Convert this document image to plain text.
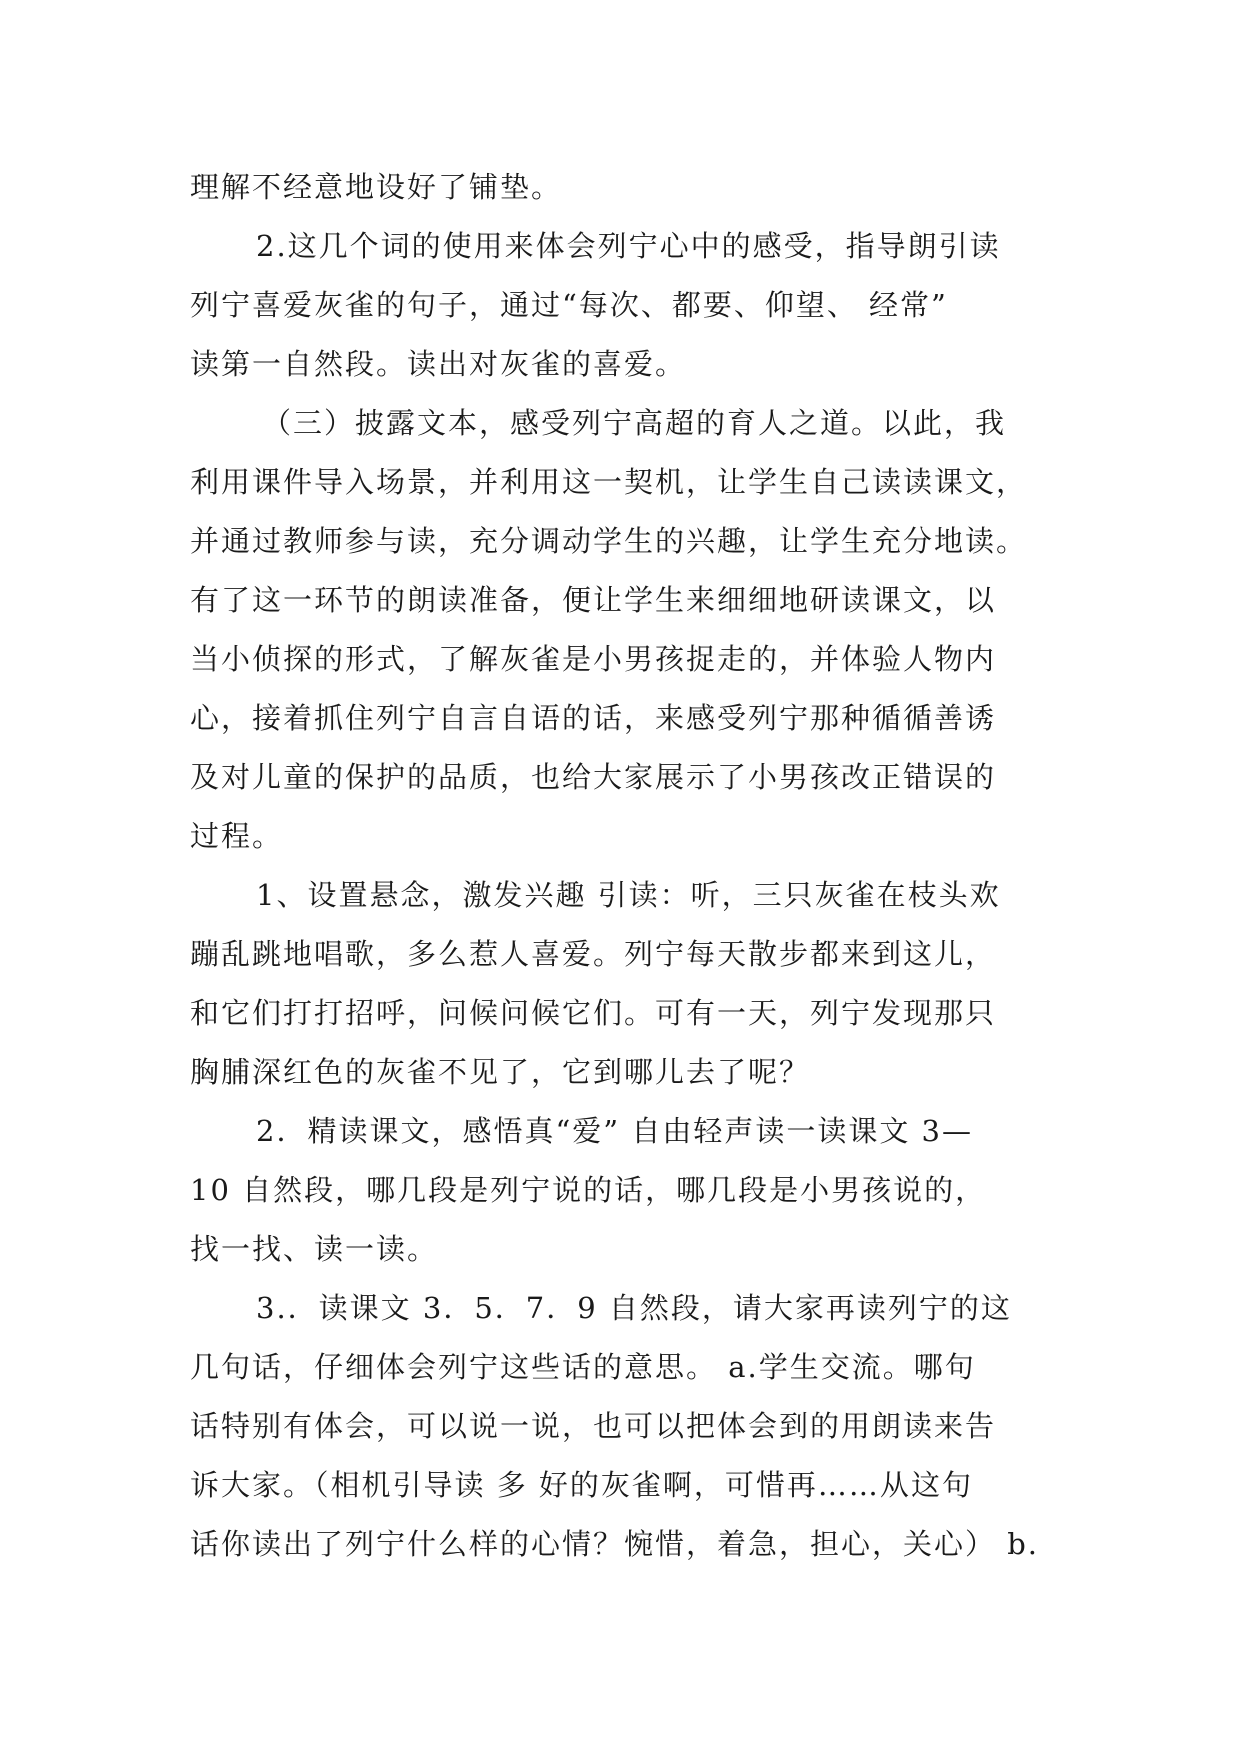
理解不经意地设好了铺垫。
2.这几个词的使用来体会列宁心中的感受，指导朗引读
列宁喜爱灰雀的句子，通过“每次、都要、仰望、 经常”
读第一自然段。读出对灰雀的喜爱。
（三）披露文本，感受列宁高超的育人之道。以此，我
利用课件导入场景，并利用这一契机，让学生自己读读课文，
并通过教师参与读，充分调动学生的兴趣，让学生充分地读。
有了这一环节的朗读准备，便让学生来细细地研读课文，以
当小侦探的形式，了解灰雀是小男孩捉走的，并体验人物内
心，接着抓住列宁自言自语的话，来感受列宁那种循循善诱
及对儿童的保护的品质，也给大家展示了小男孩改正错误的
过程。
1、设置悬念，激发兴趣 引读：听，三只灰雀在枝头欢
蹦乱跳地唱歌，多么惹人喜爱。列宁每天散步都来到这儿，
和它们打打招呼，问候问候它们。可有一天，列宁发现那只
胸脯深红色的灰雀不见了，它到哪儿去了呢？
2．精读课文，感悟真“爱” 自由轻声读一读课文 3—
10 自然段，哪几段是列宁说的话，哪几段是小男孩说的，
找一找、读一读。
3.．读课文 3．5．7．9 自然段，请大家再读列宁的这
几句话，仔细体会列宁这些话的意思。 a.学生交流。哪句
话特别有体会，可以说一说，也可以把体会到的用朗读来告
诉大家。（相机引导读 多 好的灰雀啊，可惜再……从这句
话你读出了列宁什么样的心情？惋惜，着急，担心，关心） b.
